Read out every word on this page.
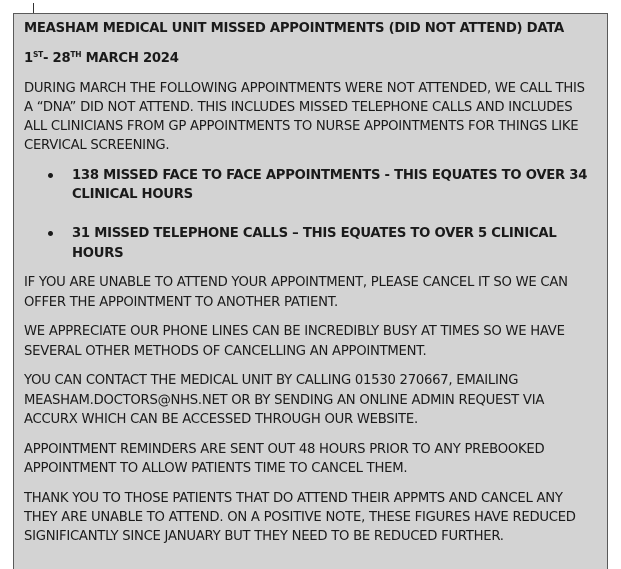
MEASHAM MEDICAL UNIT MISSED APPOINTMENTS (DID NOT ATTEND) DATA

1ST- 28TH MARCH 2024

DURING MARCH THE FOLLOWING APPOINTMENTS WERE NOT ATTENDED, WE CALL THIS A “DNA” DID NOT ATTEND. THIS INCLUDES MISSED TELEPHONE CALLS AND INCLUDES ALL CLINICIANS FROM GP APPOINTMENTS TO NURSE APPOINTMENTS FOR THINGS LIKE CERVICAL SCREENING.

138 MISSED FACE TO FACE APPOINTMENTS - THIS EQUATES TO OVER 34 CLINICAL HOURS
31 MISSED TELEPHONE CALLS – THIS EQUATES TO OVER 5 CLINICAL HOURS

IF YOU ARE UNABLE TO ATTEND YOUR APPOINTMENT, PLEASE CANCEL IT SO WE CAN OFFER THE APPOINTMENT TO ANOTHER PATIENT.

WE APPRECIATE OUR PHONE LINES CAN BE INCREDIBLY BUSY AT TIMES SO WE HAVE SEVERAL OTHER METHODS OF CANCELLING AN APPOINTMENT.

YOU CAN CONTACT THE MEDICAL UNIT BY CALLING 01530 270667, EMAILING MEASHAM.DOCTORS@NHS.NET OR BY SENDING AN ONLINE ADMIN REQUEST VIA ACCURX WHICH CAN BE ACCESSED THROUGH OUR WEBSITE.

APPOINTMENT REMINDERS ARE SENT OUT 48 HOURS PRIOR TO ANY PREBOOKED APPOINTMENT TO ALLOW PATIENTS TIME TO CANCEL THEM.

THANK YOU TO THOSE PATIENTS THAT DO ATTEND THEIR APPMTS AND CANCEL ANY THEY ARE UNABLE TO ATTEND. ON A POSITIVE NOTE, THESE FIGURES HAVE REDUCED SIGNIFICANTLY SINCE JANUARY BUT THEY NEED TO BE REDUCED FURTHER.
